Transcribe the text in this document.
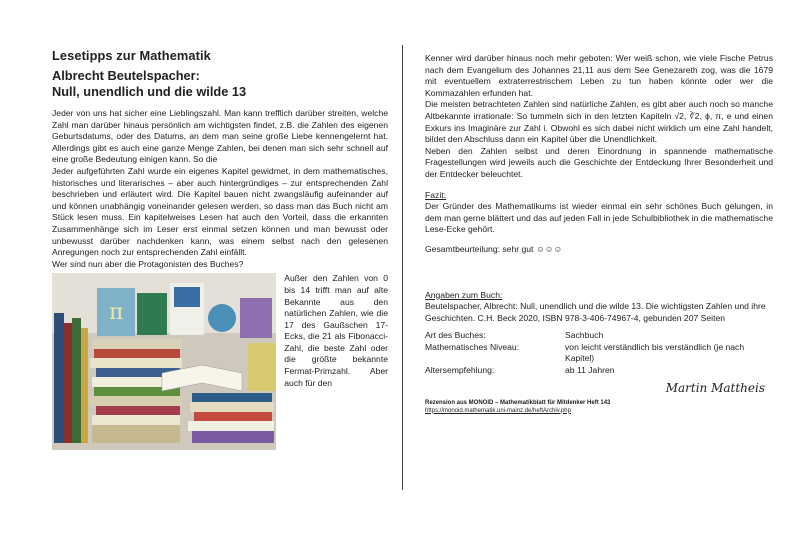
Lesetipps zur Mathematik
Albrecht Beutelspacher:
Null, unendlich und die wilde 13

Jeder von uns hat sicher eine Lieblingszahl. Man kann trefflich darüber streiten, welche Zahl man darüber hinaus persönlich am wichtigsten findet, z.B. die Zahlen des eigenen Geburtsdatums, oder des Datums, an dem man seine große Liebe kennengelernt hat. Allerdings gibt es auch eine ganze Menge Zahlen, bei denen man sich sehr schnell auf eine große Bedeutung einigen kann. So die

Jeder aufgeführten Zahl wurde ein eigenes Kapitel gewidmet, in dem mathematisches, historisches und literarisches – aber auch hintergründiges – zur entsprechenden Zahl beschrieben und erläutert wird. Die Kapitel bauen nicht zwangsläufig aufeinander auf und können unabhängig voneinander gelesen werden, so dass man das Buch nicht am Stück lesen muss. Ein kapitelweises Lesen hat auch den Vorteil, dass die erkannten Zusammenhänge sich im Leser erst einmal setzen können und man bewusst oder unbewusst darüber nachdenken kann, was einem selbst nach den gelesenen Anregungen noch zur entsprechenden Zahl einfällt.

Wer sind nun aber die Protagonisten des Buches?

π
Außer den Zahlen von 0 bis 14 trifft man auf alte Bekannte aus den natürlichen Zahlen, wie die 17 des Gaußschen 17-Ecks, die 21 als Fibonacci-Zahl, die beste Zahl oder die größte bekannte Fermat-Primzahl. Aber auch für den

Kenner wird darüber hinaus noch mehr geboten: Wer weiß schon, wie viele Fische Petrus nach dem Evangelium des Johannes 21,11 aus dem See Genezareth zog, was die 1679 mit eventuellem extraterrestrischem Leben zu tun haben könnte oder wer die Kommazahlen erfunden hat.

Die meisten betrachteten Zahlen sind natürliche Zahlen, es gibt aber auch noch so manche Altbekannte irrationale: So tummeln sich in den letzten Kapiteln √2, ∛2, ϕ, π, e und einen Exkurs ins Imaginäre zur Zahl i. Obwohl es sich dabei nicht wirklich um eine Zahl handelt, bildet den Abschluss dann ein Kapitel über die Unendlichkeit.

Neben den Zahlen selbst und deren Einordnung in spannende mathematische Fragestellungen wird jeweils auch die Geschichte der Entdeckung Ihrer Besonderheit und der Entdecker beleuchtet.

Fazit:

Der Gründer des Mathematikums ist wieder einmal ein sehr schönes Buch gelungen, in dem man gerne blättert und das auf jeden Fall in jede Schulbibliothek in die mathematische Lese-Ecke gehört.

Gesamtbeurteilung: sehr gut ☺☺☺

Angaben zum Buch:

Beutelspacher, Albrecht: Null, unendlich und die wilde 13. Die wichtigsten Zahlen und ihre Geschichten. C.H. Beck 2020, ISBN 978-3-406-74967-4, gebunden 207 Seiten

Art des Buches:	Sachbuch
Mathematisches Niveau:	von leicht verständlich bis verständlich (je nach Kapitel)
Altersempfehlung:	ab 11 Jahren
Martin Mattheis
Rezension aus MONOID – Mathematikblatt für Mitdenker Heft 143
https://monoid.mathematik.uni-mainz.de/heftArchiv.php
